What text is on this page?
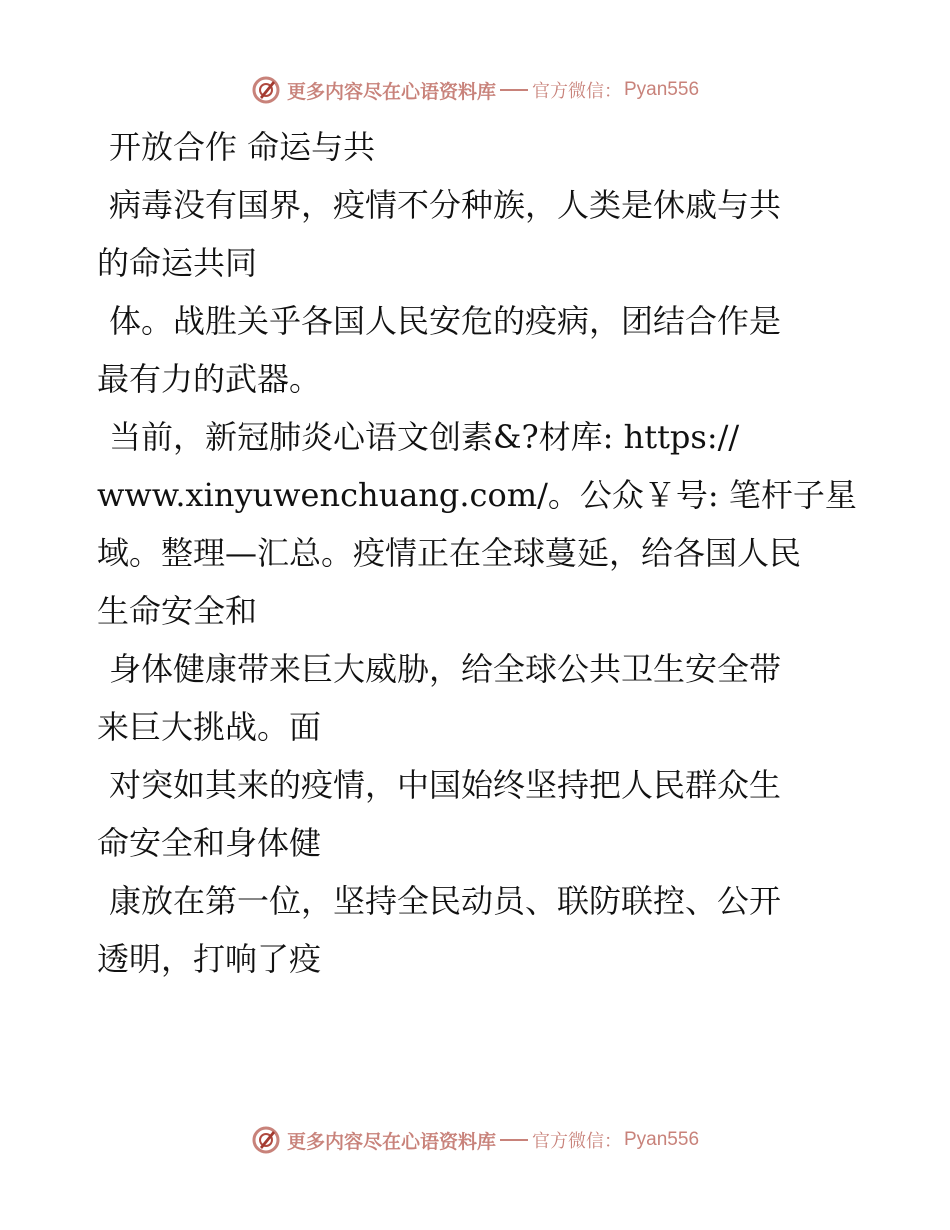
更多内容尽在心语资料库 官方微信： Pyan556
开放合作 命运与共
病毒没有国界，疫情不分种族，人类是休戚与共
的命运共同
体。战胜关乎各国人民安危的疫病，团结合作是
最有力的武器。
当前，新冠肺炎心语文创素&?材库: https://
www.xinyuwenchuang.com/。公众￥号: 笔杆子星
域。整理—汇总。疫情正在全球蔓延，给各国人民
生命安全和
身体健康带来巨大威胁，给全球公共卫生安全带
来巨大挑战。面
对突如其来的疫情，中国始终坚持把人民群众生
命安全和身体健
康放在第一位，坚持全民动员、联防联控、公开
透明，打响了疫
更多内容尽在心语资料库 官方微信： Pyan556
